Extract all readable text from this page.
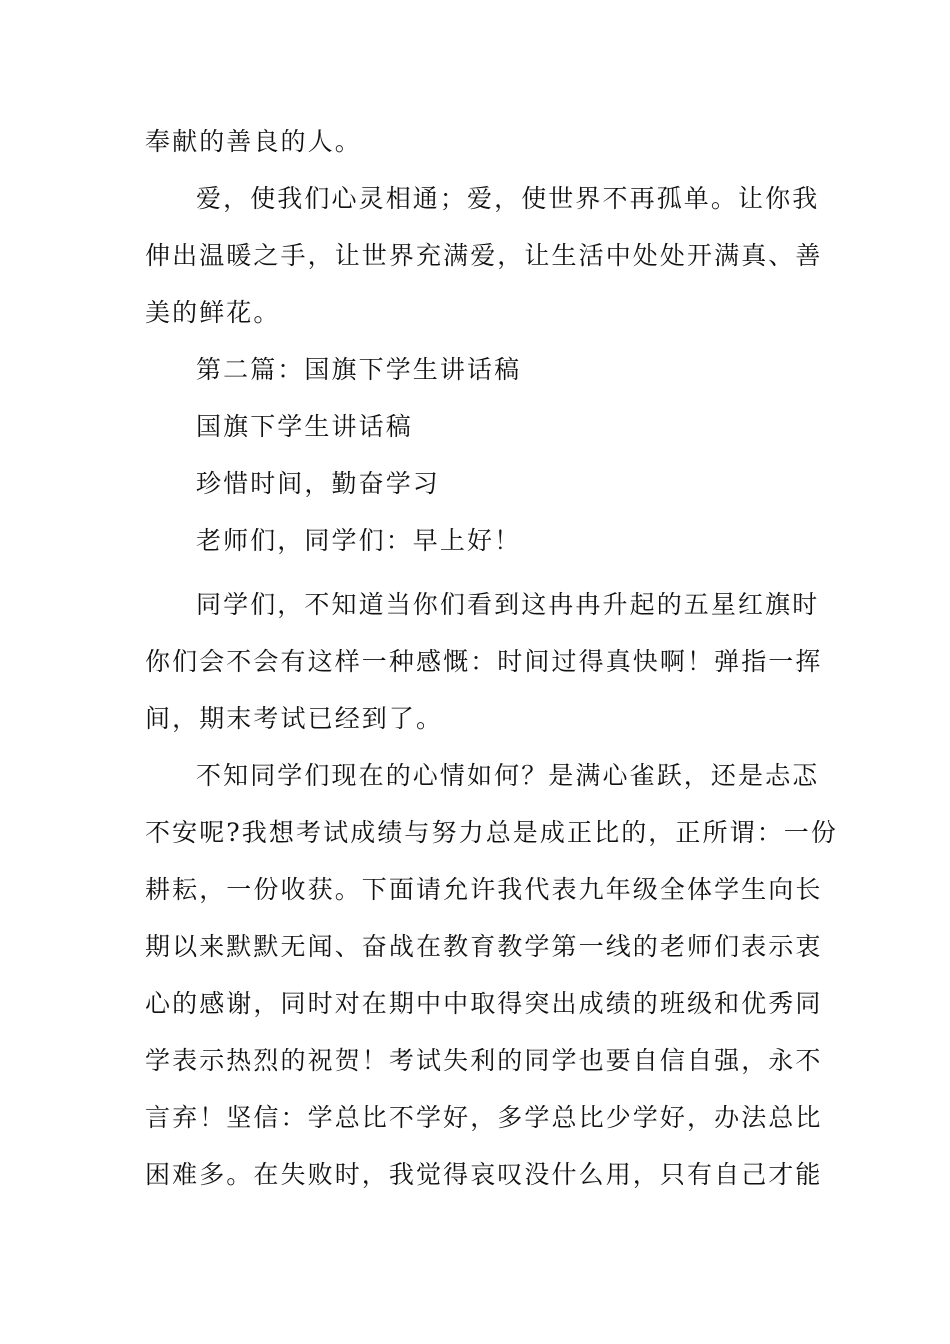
奉献的善良的人。
爱，使我们心灵相通；爱，使世界不再孤单。让你我
伸出温暖之手，让世界充满爱，让生活中处处开满真、善
美的鲜花。
第二篇：国旗下学生讲话稿
国旗下学生讲话稿
珍惜时间，勤奋学习
老师们，同学们：早上好！
同学们，不知道当你们看到这冉冉升起的五星红旗时
你们会不会有这样一种感慨：时间过得真快啊！弹指一挥
间，期末考试已经到了。
不知同学们现在的心情如何？是满心雀跃，还是忐忑
不安呢?我想考试成绩与努力总是成正比的，正所谓：一份
耕耘，一份收获。下面请允许我代表九年级全体学生向长
期以来默默无闻、奋战在教育教学第一线的老师们表示衷
心的感谢，同时对在期中中取得突出成绩的班级和优秀同
学表示热烈的祝贺！考试失利的同学也要自信自强，永不
言弃！坚信：学总比不学好，多学总比少学好，办法总比
困难多。在失败时，我觉得哀叹没什么用，只有自己才能
